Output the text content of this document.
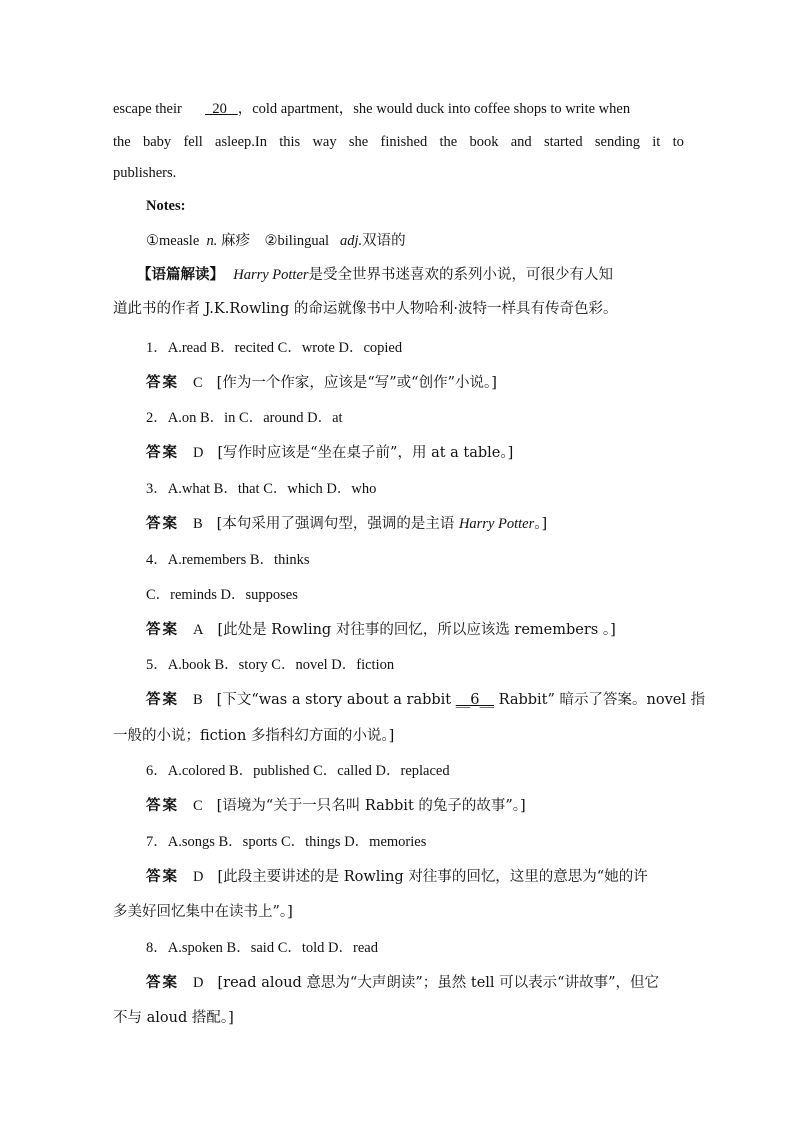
escape their 20 ，cold apartment，she would duck into coffee shops to write when
the baby fell asleep.In this way she finished the book and started sending it to
publishers.
Notes:
①measle n. 麻疹 ②bilingual adj.双语的
【语篇解读】 Harry Potter是受全世界书迷喜欢的系列小说，可很少有人知
道此书的作者 J.K.Rowling 的命运就像书中人物哈利·波特一样具有传奇色彩。
1．A.read B．recited C．wrote D．copied
答案 C [作为一个作家，应该是“写”或“创作”小说。]
2．A.on B．in C．around D．at
答案 D [写作时应该是“坐在桌子前”，用 at a table。]
3．A.what B．that C．which D．who
答案 B [本句采用了强调句型，强调的是主语 Harry Potter。]
4．A.remembers B．thinks
C．reminds D．supposes
答案 A [此处是 Rowling 对往事的回忆，所以应该选 remembers 。]
5．A.book B．story C．novel D．fiction
答案 B [下文“was a story about a rabbit __6__ Rabbit” 暗示了答案。novel 指
一般的小说；fiction 多指科幻方面的小说。]
6．A.colored B．published C．called D．replaced
答案 C [语境为“关于一只名叫 Rabbit 的兔子的故事”。]
7．A.songs B．sports C．things D．memories
答案 D [此段主要讲述的是 Rowling 对往事的回忆，这里的意思为“她的许
多美好回忆集中在读书上”。]
8．A.spoken B．said C．told D．read
答案 D [read aloud 意思为“大声朗读”；虽然 tell 可以表示“讲故事”，但它
不与 aloud 搭配。]
